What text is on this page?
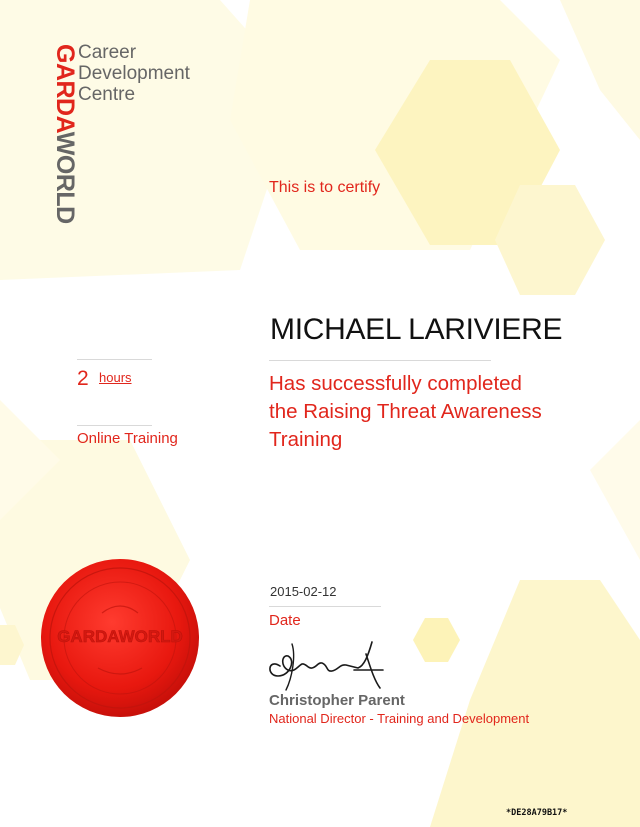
GARDAWORLD
Career
Development
Centre
This is to certify
MICHAEL LARIVIERE
Has successfully completed
the Raising Threat Awareness
Training
2 hours
Online Training
GARDAWORLD
2015-02-12
Date
Christopher Parent
National Director - Training and Development
*DE28A79B17*
